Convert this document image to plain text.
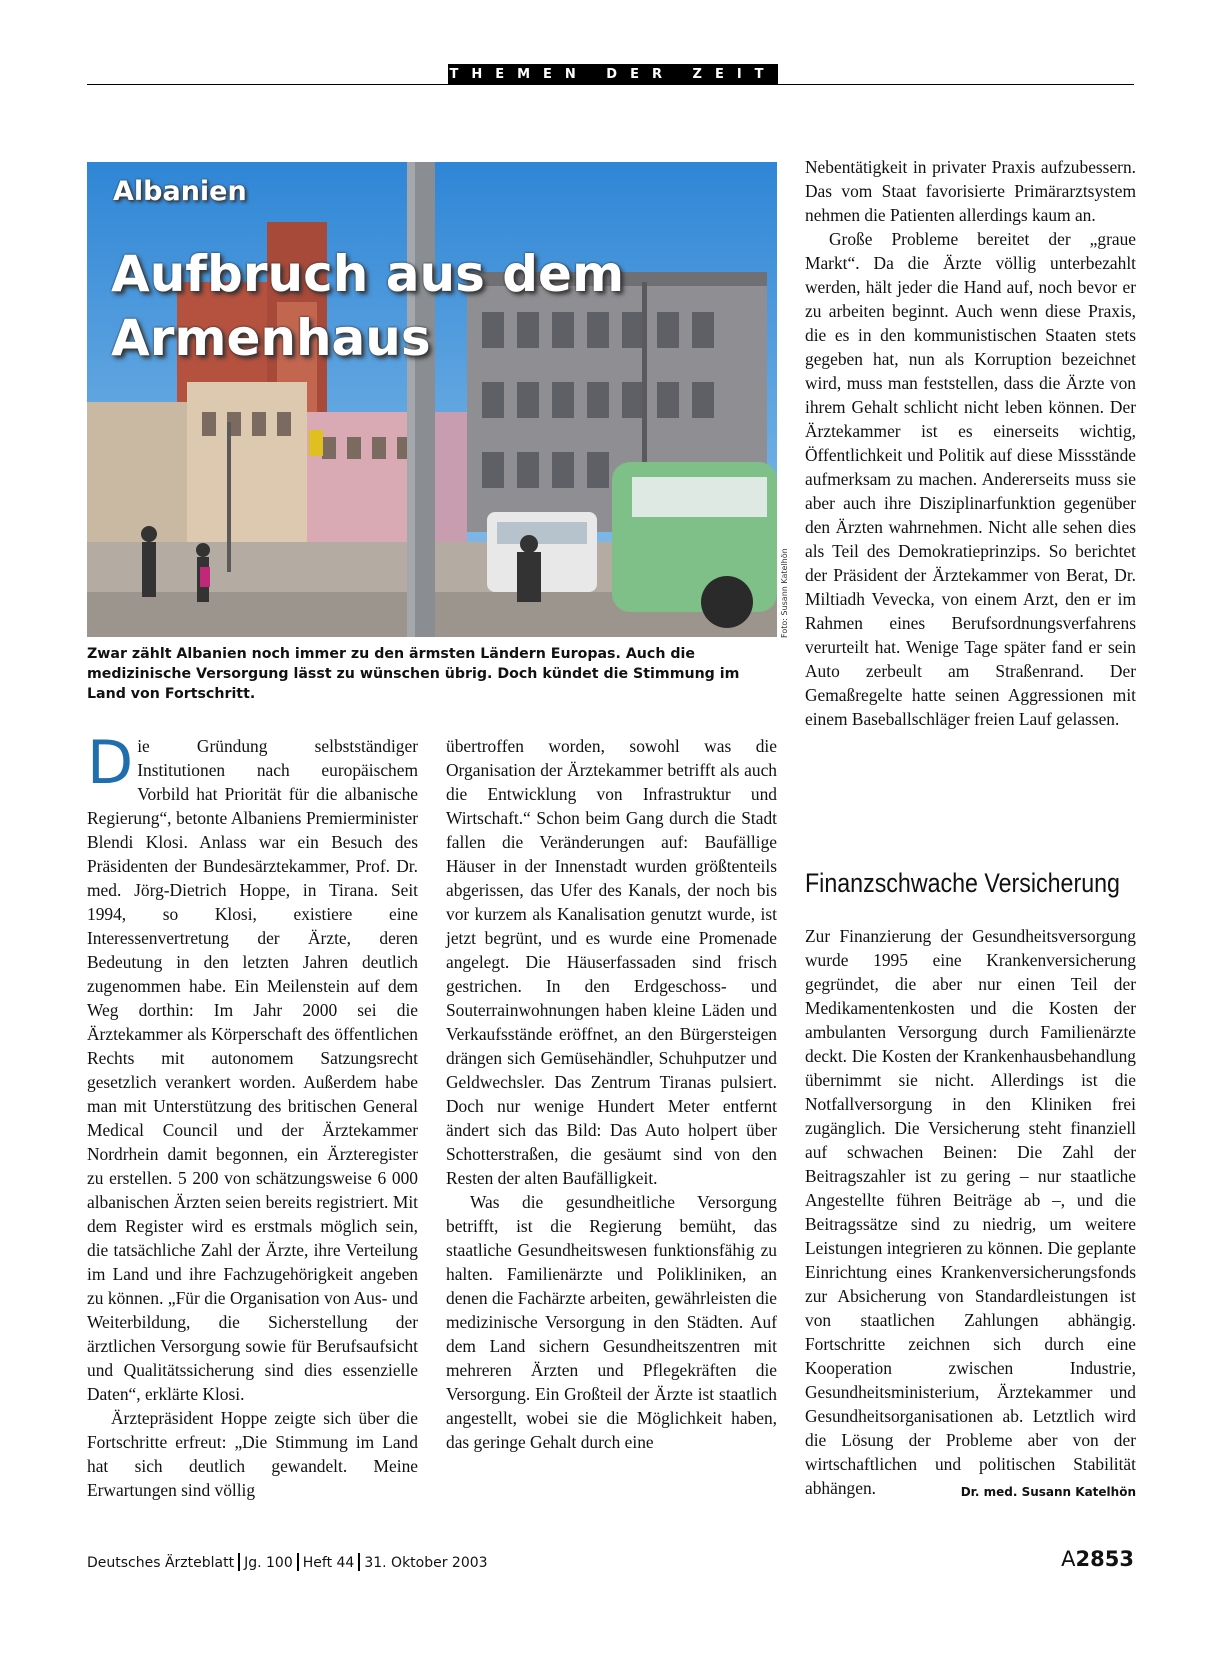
THEMEN DER ZEIT
Albanien
Aufbruch aus dem
Armenhaus
Foto: Susann Katelhön
Zwar zählt Albanien noch immer zu den ärmsten Ländern Europas. Auch die medizinische Versorgung lässt zu wünschen übrig. Doch kündet die Stimmung im Land von Fortschritt.

Die Gründung selbstständiger Institutionen nach europäischem Vorbild hat Priorität für die albanische Regierung“, betonte Albaniens Premierminister Blendi Klosi. Anlass war ein Besuch des Präsidenten der Bundesärztekammer, Prof. Dr. med. Jörg-Dietrich Hoppe, in Tirana. Seit 1994, so Klosi, existiere eine Interessenvertretung der Ärzte, deren Bedeutung in den letzten Jahren deutlich zugenommen habe. Ein Meilenstein auf dem Weg dorthin: Im Jahr 2000 sei die Ärztekammer als Körperschaft des öffentlichen Rechts mit autonomem Satzungsrecht gesetzlich verankert worden. Außerdem habe man mit Unterstützung des britischen General Medical Council und der Ärztekammer Nordrhein damit begonnen, ein Ärzteregister zu erstellen. 5 200 von schätzungsweise 6 000 albanischen Ärzten seien bereits registriert. Mit dem Register wird es erstmals möglich sein, die tatsächliche Zahl der Ärzte, ihre Verteilung im Land und ihre Fachzugehörigkeit angeben zu können. „Für die Organisation von Aus- und Weiterbildung, die Sicherstellung der ärztlichen Versorgung sowie für Berufsaufsicht und Qualitätssicherung sind dies essenzielle Daten“, erklärte Klosi.

Ärztepräsident Hoppe zeigte sich über die Fortschritte erfreut: „Die Stimmung im Land hat sich deutlich gewandelt. Meine Erwartungen sind völlig

übertroffen worden, sowohl was die Organisation der Ärztekammer betrifft als auch die Entwicklung von Infrastruktur und Wirtschaft.“ Schon beim Gang durch die Stadt fallen die Veränderungen auf: Baufällige Häuser in der Innenstadt wurden größtenteils abgerissen, das Ufer des Kanals, der noch bis vor kurzem als Kanalisation genutzt wurde, ist jetzt begrünt, und es wurde eine Promenade angelegt. Die Häuserfassaden sind frisch gestrichen. In den Erdgeschoss- und Souterrainwohnungen haben kleine Läden und Verkaufsstände eröffnet, an den Bürgersteigen drängen sich Gemüsehändler, Schuhputzer und Geldwechsler. Das Zentrum Tiranas pulsiert. Doch nur wenige Hundert Meter entfernt ändert sich das Bild: Das Auto holpert über Schotterstraßen, die gesäumt sind von den Resten der alten Baufälligkeit.

Was die gesundheitliche Versorgung betrifft, ist die Regierung bemüht, das staatliche Gesundheitswesen funktionsfähig zu halten. Familienärzte und Polikliniken, an denen die Fachärzte arbeiten, gewährleisten die medizinische Versorgung in den Städten. Auf dem Land sichern Gesundheitszentren mit mehreren Ärzten und Pflegekräften die Versorgung. Ein Großteil der Ärzte ist staatlich angestellt, wobei sie die Möglichkeit haben, das geringe Gehalt durch eine

Nebentätigkeit in privater Praxis aufzubessern. Das vom Staat favorisierte Primärarztsystem nehmen die Patienten allerdings kaum an.

Große Probleme bereitet der „graue Markt“. Da die Ärzte völlig unterbezahlt werden, hält jeder die Hand auf, noch bevor er zu arbeiten beginnt. Auch wenn diese Praxis, die es in den kommunistischen Staaten stets gegeben hat, nun als Korruption bezeichnet wird, muss man feststellen, dass die Ärzte von ihrem Gehalt schlicht nicht leben können. Der Ärztekammer ist es einerseits wichtig, Öffentlichkeit und Politik auf diese Missstände aufmerksam zu machen. Andererseits muss sie aber auch ihre Disziplinarfunktion gegenüber den Ärzten wahrnehmen. Nicht alle sehen dies als Teil des Demokratieprinzips. So berichtet der Präsident der Ärztekammer von Berat, Dr. Miltiadh Vevecka, von einem Arzt, den er im Rahmen eines Berufsordnungsverfahrens verurteilt hat. Wenige Tage später fand er sein Auto zerbeult am Straßenrand. Der Gemaßregelte hatte seinen Aggressionen mit einem Baseballschläger freien Lauf gelassen.

Finanzschwache Versicherung

Zur Finanzierung der Gesundheitsversorgung wurde 1995 eine Krankenversicherung gegründet, die aber nur einen Teil der Medikamentenkosten und die Kosten der ambulanten Versorgung durch Familienärzte deckt. Die Kosten der Krankenhausbehandlung übernimmt sie nicht. Allerdings ist die Notfallversorgung in den Kliniken frei zugänglich. Die Versicherung steht finanziell auf schwachen Beinen: Die Zahl der Beitragszahler ist zu gering – nur staatliche Angestellte führen Beiträge ab –, und die Beitragssätze sind zu niedrig, um weitere Leistungen integrieren zu können. Die geplante Einrichtung eines Krankenversicherungsfonds zur Absicherung von Standardleistungen ist von staatlichen Zahlungen abhängig. Fortschritte zeichnen sich durch eine Kooperation zwischen Industrie, Gesundheitsministerium, Ärztekammer und Gesundheitsorganisationen ab. Letztlich wird die Lösung der Probleme aber von der wirtschaftlichen und politischen Stabilität abhängen.	Dr. med. Susann Katelhön

Deutsches Ärzteblatt Jg. 100 Heft 44 31. Oktober 2003	A2853
